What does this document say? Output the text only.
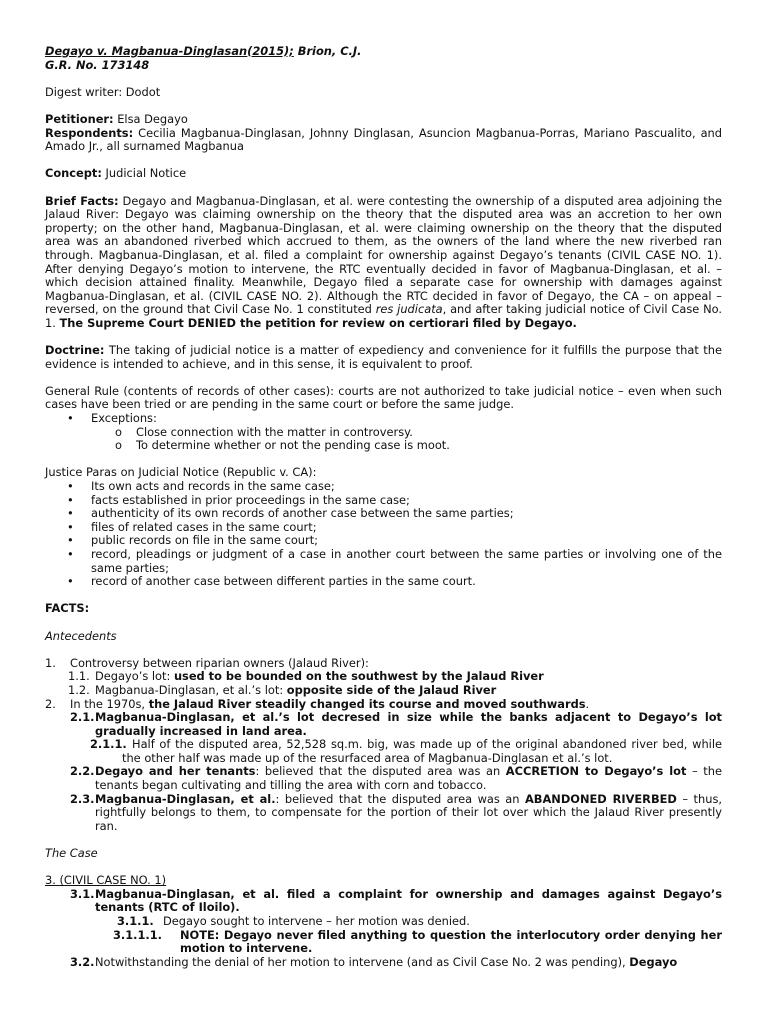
Degayo v. Magbanua-Dinglasan(2015); Brion, C.J.

G.R. No. 173148

Digest writer: Dodot

Petitioner: Elsa Degayo

Respondents: Cecilia Magbanua-Dinglasan, Johnny Dinglasan, Asuncion Magbanua-Porras, Mariano Pascualito, and Amado Jr., all surnamed Magbanua

Concept: Judicial Notice

Brief Facts: Degayo and Magbanua-Dinglasan, et al. were contesting the ownership of a disputed area adjoining the Jalaud River: Degayo was claiming ownership on the theory that the disputed area was an accretion to her own property; on the other hand, Magbanua-Dinglasan, et al. were claiming ownership on the theory that the disputed area was an abandoned riverbed which accrued to them, as the owners of the land where the new riverbed ran through. Magbanua-Dinglasan, et al. filed a complaint for ownership against Degayo’s tenants (CIVIL CASE NO. 1). After denying Degayo’s motion to intervene, the RTC eventually decided in favor of Magbanua-Dinglasan, et al. – which decision attained finality. Meanwhile, Degayo filed a separate case for ownership with damages against Magbanua-Dinglasan, et al. (CIVIL CASE NO. 2). Although the RTC decided in favor of Degayo, the CA – on appeal – reversed, on the ground that Civil Case No. 1 constituted res judicata, and after taking judicial notice of Civil Case No. 1. The Supreme Court DENIED the petition for review on certiorari filed by Degayo.

Doctrine: The taking of judicial notice is a matter of expediency and convenience for it fulfills the purpose that the evidence is intended to achieve, and in this sense, it is equivalent to proof.

General Rule (contents of records of other cases): courts are not authorized to take judicial notice – even when such cases have been tried or are pending in the same court or before the same judge.

• Exceptions:
o Close connection with the matter in controversy.
o To determine whether or not the pending case is moot.

Justice Paras on Judicial Notice (Republic v. CA):

• Its own acts and records in the same case;
• facts established in prior proceedings in the same case;
• authenticity of its own records of another case between the same parties;
• files of related cases in the same court;
• public records on file in the same court;
• record, pleadings or judgment of a case in another court between the same parties or involving one of the same parties;
• record of another case between different parties in the same court.

FACTS:

Antecedents

1. Controversy between riparian owners (Jalaud River):
1.1. Degayo’s lot: used to be bounded on the southwest by the Jalaud River
1.2. Magbanua-Dinglasan, et al.’s lot: opposite side of the Jalaud River
2. In the 1970s, the Jalaud River steadily changed its course and moved southwards.
2.1. Magbanua-Dinglasan, et al.’s lot decresed in size while the banks adjacent to Degayo’s lot gradually increased in land area.
2.1.1. Half of the disputed area, 52,528 sq.m. big, was made up of the original abandoned river bed, while the other half was made up of the resurfaced area of Magbanua-Dinglasan et al.’s lot.
2.2. Degayo and her tenants: believed that the disputed area was an ACCRETION to Degayo’s lot – the tenants began cultivating and tilling the area with corn and tobacco.
2.3. Magbanua-Dinglasan, et al.: believed that the disputed area was an ABANDONED RIVERBED – thus, rightfully belongs to them, to compensate for the portion of their lot over which the Jalaud River presently ran.

The Case

3. (CIVIL CASE NO. 1)

3.1. Magbanua-Dinglasan, et al. filed a complaint for ownership and damages against Degayo’s tenants (RTC of Iloilo).
3.1.1. Degayo sought to intervene – her motion was denied.
3.1.1.1. NOTE: Degayo never filed anything to question the interlocutory order denying her motion to intervene.
3.2. Notwithstanding the denial of her motion to intervene (and as Civil Case No. 2 was pending), Degayo
